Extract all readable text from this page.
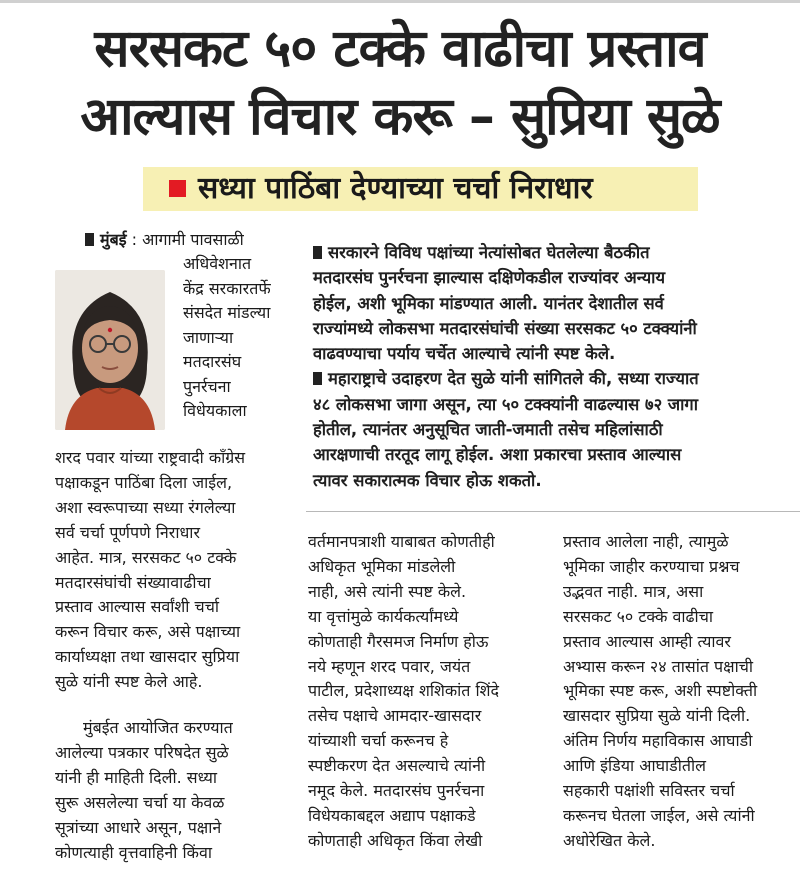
सरसकट ५० टक्के वाढीचा प्रस्ताव
आल्यास विचार करू – सुप्रिया सुळे
सध्या पाठिंबा देण्याच्या चर्चा निराधार
मुंबई : आगामी पावसाळी
अधिवेशनात
केंद्र सरकारतर्फे
संसदेत मांडल्या
जाणाऱ्या
मतदारसंघ
पुनर्रचना
विधेयकाला
शरद पवार यांच्या राष्ट्रवादी काँग्रेस
पक्षाकडून पाठिंबा दिला जाईल,
अशा स्वरूपाच्या सध्या रंगलेल्या
सर्व चर्चा पूर्णपणे निराधार
आहेत. मात्र, सरसकट ५० टक्के
मतदारसंघांची संख्यावाढीचा
प्रस्ताव आल्यास सर्वांशी चर्चा
करून विचार करू, असे पक्षाच्या
कार्याध्यक्षा तथा खासदार सुप्रिया
सुळे यांनी स्पष्ट केले आहे.
मुंबईत आयोजित करण्यात
आलेल्या पत्रकार परिषदेत सुळे
यांनी ही माहिती दिली. सध्या
सुरू असलेल्या चर्चा या केवळ
सूत्रांच्या आधारे असून, पक्षाने
कोणत्याही वृत्तवाहिनी किंवा
सरकारने विविध पक्षांच्या नेत्यांसोबत घेतलेल्या बैठकीत
मतदारसंघ पुनर्रचना झाल्यास दक्षिणेकडील राज्यांवर अन्याय
होईल, अशी भूमिका मांडण्यात आली. यानंतर देशातील सर्व
राज्यांमध्ये लोकसभा मतदारसंघांची संख्या सरसकट ५० टक्क्यांनी
वाढवण्याचा पर्याय चर्चेत आल्याचे त्यांनी स्पष्ट केले.
महाराष्ट्राचे उदाहरण देत सुळे यांनी सांगितले की, सध्या राज्यात
४८ लोकसभा जागा असून, त्या ५० टक्क्यांनी वाढल्यास ७२ जागा
होतील, त्यानंतर अनुसूचित जाती-जमाती तसेच महिलांसाठी
आरक्षणाची तरतूद लागू होईल. अशा प्रकारचा प्रस्ताव आल्यास
त्यावर सकारात्मक विचार होऊ शकतो.
वर्तमानपत्राशी याबाबत कोणतीही
अधिकृत भूमिका मांडलेली
नाही, असे त्यांनी स्पष्ट केले.
या वृत्तांमुळे कार्यकर्त्यांमध्ये
कोणताही गैरसमज निर्माण होऊ
नये म्हणून शरद पवार, जयंत
पाटील, प्रदेशाध्यक्ष शशिकांत शिंदे
तसेच पक्षाचे आमदार-खासदार
यांच्याशी चर्चा करूनच हे
स्पष्टीकरण देत असल्याचे त्यांनी
नमूद केले. मतदारसंघ पुनर्रचना
विधेयकाबद्दल अद्याप पक्षाकडे
कोणताही अधिकृत किंवा लेखी
प्रस्ताव आलेला नाही, त्यामुळे
भूमिका जाहीर करण्याचा प्रश्नच
उद्भवत नाही. मात्र, असा
सरसकट ५० टक्के वाढीचा
प्रस्ताव आल्यास आम्ही त्यावर
अभ्यास करून २४ तासांत पक्षाची
भूमिका स्पष्ट करू, अशी स्पष्टोक्ती
खासदार सुप्रिया सुळे यांनी दिली.
अंतिम निर्णय महाविकास आघाडी
आणि इंडिया आघाडीतील
सहकारी पक्षांशी सविस्तर चर्चा
करूनच घेतला जाईल, असे त्यांनी
अधोरेखित केले.
